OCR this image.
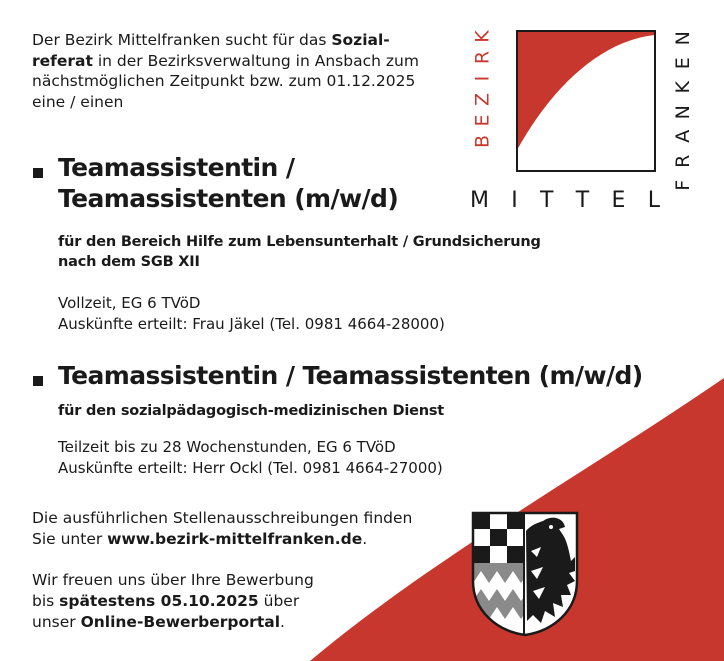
Der Bezirk Mittelfranken sucht für das Sozial-
referat in der Bezirksverwaltung in Ansbach zum
nächstmöglichen Zeitpunkt bzw. zum 01.12.2025
eine / einen
K
R
I
Z
E
B
N
E
K
N
A
R
F
M I T T E L
Teamassistentin /
Teamassistenten (m/w/d)
für den Bereich Hilfe zum Lebensunterhalt / Grundsicherung
nach dem SGB XII
Vollzeit, EG 6 TVöD
Auskünfte erteilt: Frau Jäkel (Tel. 0981 4664-28000)
Teamassistentin / Teamassistenten (m/w/d)
für den sozialpädagogisch-medizinischen Dienst
Teilzeit bis zu 28 Wochenstunden, EG 6 TVöD
Auskünfte erteilt: Herr Ockl (Tel. 0981 4664-27000)
Die ausführlichen Stellenausschreibungen finden
Sie unter www.bezirk-mittelfranken.de.
Wir freuen uns über Ihre Bewerbung
bis spätestens 05.10.2025 über
unser Online-Bewerberportal.
